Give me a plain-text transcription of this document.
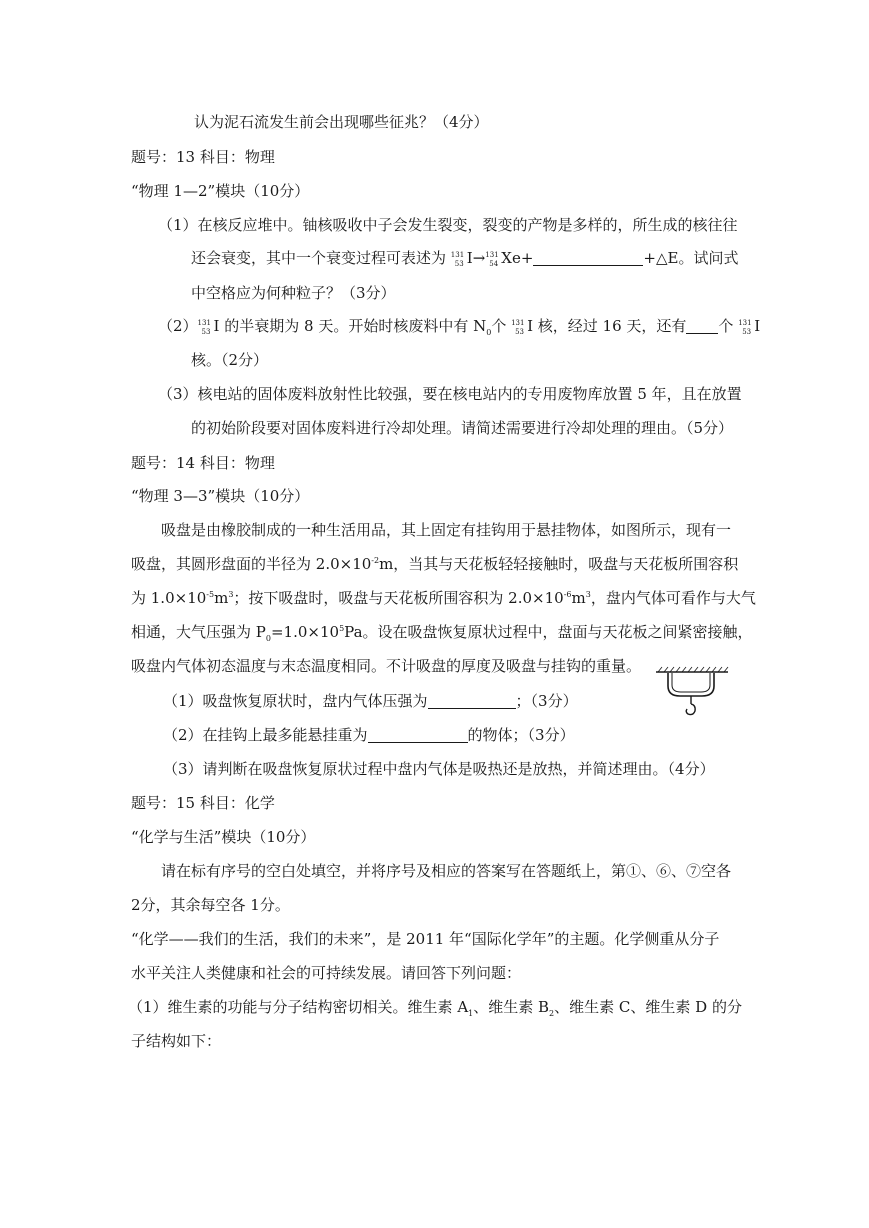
认为泥石流发生前会出现哪些征兆？（4分）
题号：13 科目：物理
“物理 1—2”模块（10分）
（1）在核反应堆中。铀核吸收中子会发生裂变，裂变的产物是多样的，所生成的核往往
还会衰变，其中一个衰变过程可表述为 131
53 I→ 131
54 Xe+	+△E。试问式
中空格应为何种粒子？（3分）
（2） 131
53 I 的半衰期为 8 天。开始时核废料中有 $N_0$个 131
53 I 核，经过 16 天，还有 个 131
53 I
核。（2分）
（3）核电站的固体废料放射性比较强，要在核电站内的专用废物库放置 5 年，且在放置
的初始阶段要对固体废料进行冷却处理。请简述需要进行冷却处理的理由。（5分）
题号：14 科目：物理
“物理 3—3”模块（10分）
吸盘是由橡胶制成的一种生活用品，其上固定有挂钩用于悬挂物体，如图所示，现有一
吸盘，其圆形盘面的半径为 $2.0\times 10^{-2}m$，当其与天花板轻轻接触时，吸盘与天花板所围容积
为 $1.0\times 10^{-5}m^3$；按下吸盘时，吸盘与天花板所围容积为 $2.0\times 10^{-6}m^3$，盘内气体可看作与大气
相通，大气压强为 $P_0=1.0\times 10^5Pa$。设在吸盘恢复原状过程中，盘面与天花板之间紧密接触，
吸盘内气体初态温度与末态温度相同。不计吸盘的厚度及吸盘与挂钩的重量。
（1）吸盘恢复原状时，盘内气体压强为	；（3分）
（2）在挂钩上最多能悬挂重为	的物体；（3分）
（3）请判断在吸盘恢复原状过程中盘内气体是吸热还是放热，并简述理由。（4分）
题号：15 科目：化学
“化学与生活”模块（10分）
请在标有序号的空白处填空，并将序号及相应的答案写在答题纸上，第①、⑥、⑦空各
2分，其余每空各 1分。
“化学——我们的生活，我们的未来”，是 2011 年“国际化学年”的主题。化学侧重从分子
水平关注人类健康和社会的可持续发展。请回答下列问题：
（1）维生素的功能与分子结构密切相关。维生素 $A_1$、维生素 $B_2$、维生素 C、维生素 D 的分
子结构如下：
